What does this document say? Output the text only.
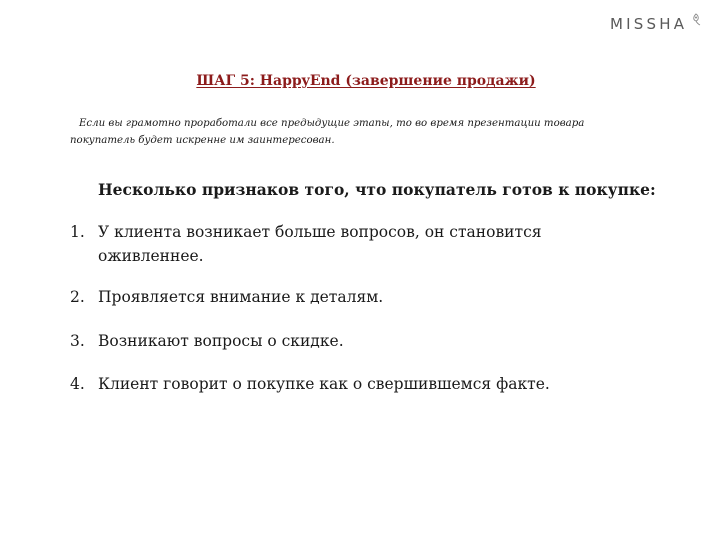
MISSHA
ШАГ 5: HappyEnd (завершение продажи)
Если вы грамотно проработали все предыдущие этапы, то во время презентации товара покупатель будет искренне им заинтересован.
Несколько признаков того, что покупатель готов к покупке:
1. У клиента возникает больше вопросов, он становится оживленнее.
2. Проявляется внимание к деталям.
3. Возникают вопросы о скидке.
4. Клиент говорит о покупке как о свершившемся факте.
